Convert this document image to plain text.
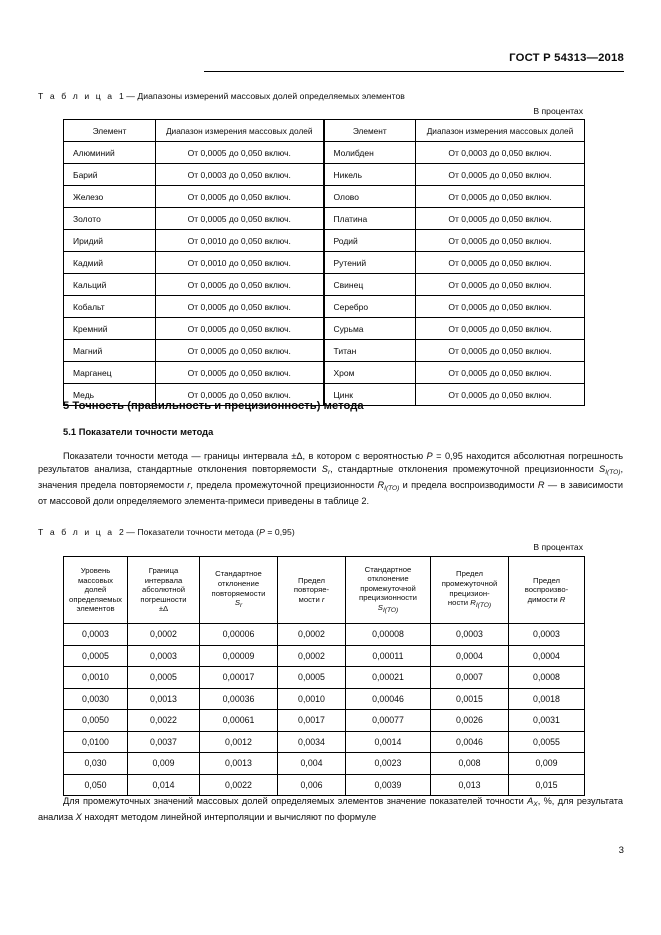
ГОСТ Р 54313—2018
Т а б л и ц а 1 — Диапазоны измерений массовых долей определяемых элементов
В процентах
Элемент	Диапазон измерения массовых долей	Элемент	Диапазон измерения массовых долей
Алюминий	От 0,0005 до 0,050 включ.	Молибден	От 0,0003 до 0,050 включ.
Барий	От 0,0003 до 0,050 включ.	Никель	От 0,0005 до 0,050 включ.
Железо	От 0,0005 до 0,050 включ.	Олово	От 0,0005 до 0,050 включ.
Золото	От 0,0005 до 0,050 включ.	Платина	От 0,0005 до 0,050 включ.
Иридий	От 0,0010 до 0,050 включ.	Родий	От 0,0005 до 0,050 включ.
Кадмий	От 0,0010 до 0,050 включ.	Рутений	От 0,0005 до 0,050 включ.
Кальций	От 0,0005 до 0,050 включ.	Свинец	От 0,0005 до 0,050 включ.
Кобальт	От 0,0005 до 0,050 включ.	Серебро	От 0,0005 до 0,050 включ.
Кремний	От 0,0005 до 0,050 включ.	Сурьма	От 0,0005 до 0,050 включ.
Магний	От 0,0005 до 0,050 включ.	Титан	От 0,0005 до 0,050 включ.
Марганец	От 0,0005 до 0,050 включ.	Хром	От 0,0005 до 0,050 включ.
Медь	От 0,0005 до 0,050 включ.	Цинк	От 0,0005 до 0,050 включ.
5 Точность (правильность и прецизионность) метода
5.1 Показатели точности метода
Показатели точности метода — границы интервала ±Δ, в котором с вероятностью P = 0,95 находится абсолютная погрешность результатов анализа, стандартные отклонения повторяемости $S_r$, стандартные отклонения промежуточной прецизионности $S_{I(ТО)}$, значения предела повторяемости r, предела промежуточной прецизионности $R_{I(ТО)}$ и предела воспроизводимости R — в зависимости от массовой доли определяемого элемента-примеси приведены в таблице 2.
Т а б л и ц а 2 — Показатели точности метода (P = 0,95)
В процентах
Уровень
массовых
долей
определяемых
элементов	Граница
интервала
абсолютной
погрешности
±Δ	Стандартное
отклонение
повторяемости
$S_r$	Предел
повторяе-
мости r	Стандартное
отклонение
промежуточной
прецизионности
$S_{I(ТО)}$	Предел
промежуточной
прецизион-
ности $R_{I(ТО)}$	Предел
воспроизво-
димости R
0,0003	0,0002	0,00006	0,0002	0,00008	0,0003	0,0003
0,0005	0,0003	0,00009	0,0002	0,00011	0,0004	0,0004
0,0010	0,0005	0,00017	0,0005	0,00021	0,0007	0,0008
0,0030	0,0013	0,00036	0,0010	0,00046	0,0015	0,0018
0,0050	0,0022	0,00061	0,0017	0,00077	0,0026	0,0031
0,0100	0,0037	0,0012	0,0034	0,0014	0,0046	0,0055
0,030	0,009	0,0013	0,004	0,0023	0,008	0,009
0,050	0,014	0,0022	0,006	0,0039	0,013	0,015
Для промежуточных значений массовых долей определяемых элементов значение показателей точности $A_X$, %, для результата анализа X находят методом линейной интерполяции и вычисляют по формуле
3
